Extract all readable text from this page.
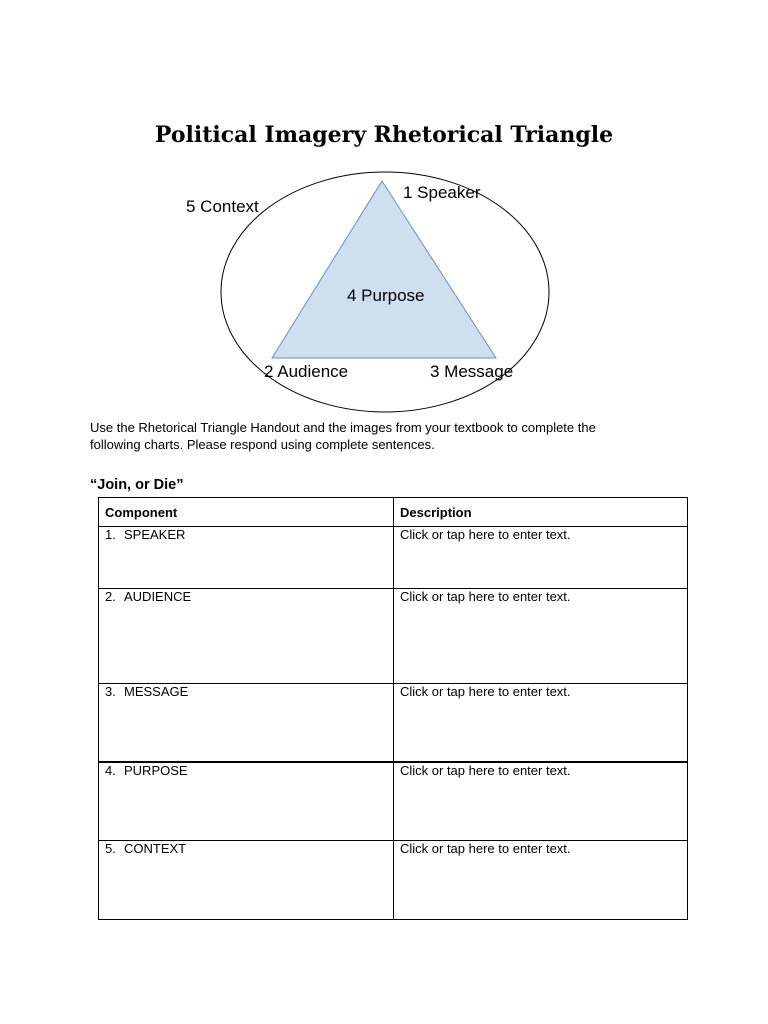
Political Imagery Rhetorical Triangle
5 Context
1 Speaker
4 Purpose
2 Audience	3 Message

Use the Rhetorical Triangle Handout and the images from your textbook to complete the following charts. Please respond using complete sentences.

“Join, or Die”
Component	Description
1. SPEAKER	Click or tap here to enter text.
2. AUDIENCE	Click or tap here to enter text.
3. MESSAGE	Click or tap here to enter text.
4. PURPOSE	Click or tap here to enter text.
5. CONTEXT	Click or tap here to enter text.
